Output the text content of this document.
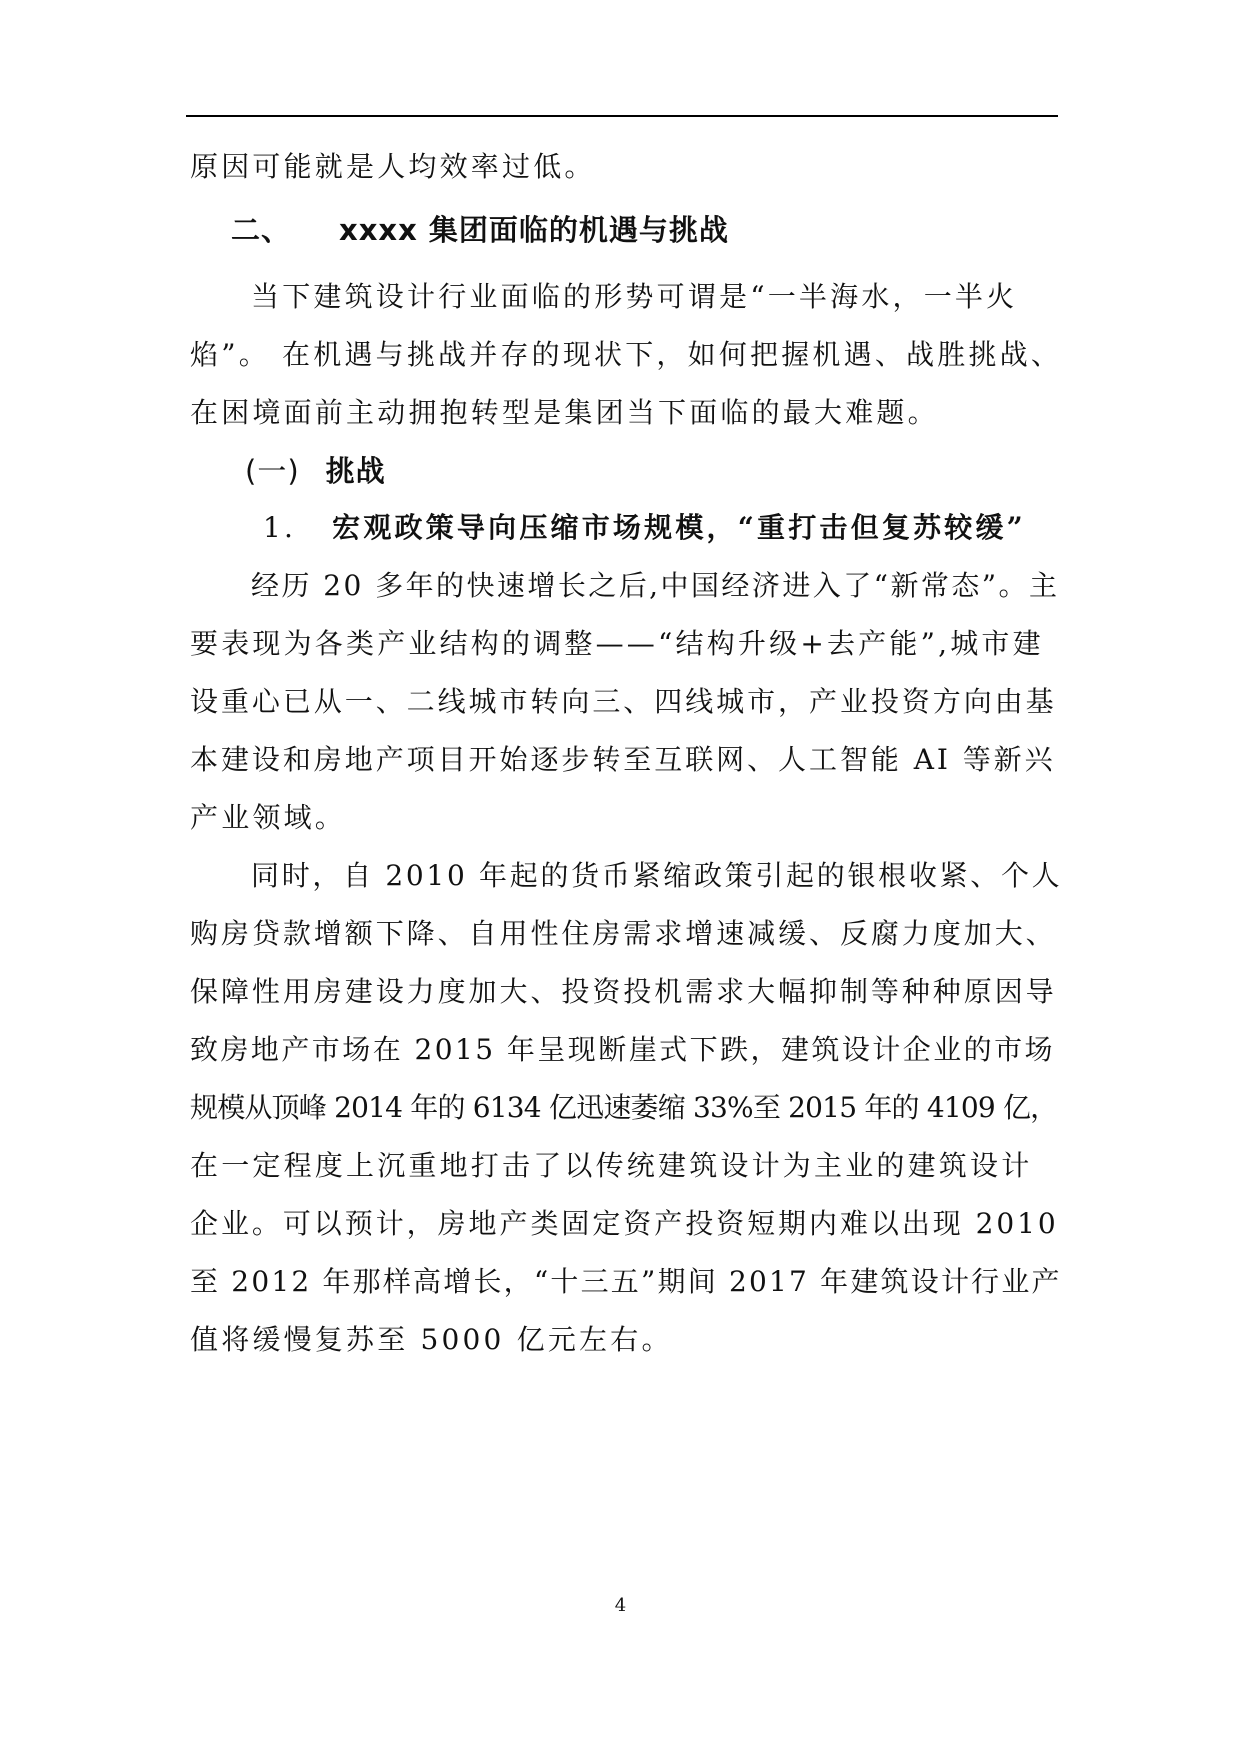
原因可能就是人均效率过低。
二、 xxxx 集团面临的机遇与挑战
当下建筑设计行业面临的形势可谓是“一半海水，一半火
焰”。 在机遇与挑战并存的现状下，如何把握机遇、战胜挑战、
在困境面前主动拥抱转型是集团当下面临的最大难题。
(一) 挑战
1. 宏观政策导向压缩市场规模，“重打击但复苏较缓”
经历 20 多年的快速增长之后,中国经济进入了“新常态”。主
要表现为各类产业结构的调整——“结构升级+去产能”,城市建
设重心已从一、二线城市转向三、四线城市，产业投资方向由基
本建设和房地产项目开始逐步转至互联网、人工智能 AI 等新兴
产业领域。
同时，自 2010 年起的货币紧缩政策引起的银根收紧、个人
购房贷款增额下降、自用性住房需求增速减缓、反腐力度加大、
保障性用房建设力度加大、投资投机需求大幅抑制等种种原因导
致房地产市场在 2015 年呈现断崖式下跌，建筑设计企业的市场
规模从顶峰 2014 年的 6134 亿迅速萎缩 33%至 2015 年的 4109 亿，
在一定程度上沉重地打击了以传统建筑设计为主业的建筑设计
企业。可以预计，房地产类固定资产投资短期内难以出现 2010
至 2012 年那样高增长，“十三五”期间 2017 年建筑设计行业产
值将缓慢复苏至 5000 亿元左右。
4
